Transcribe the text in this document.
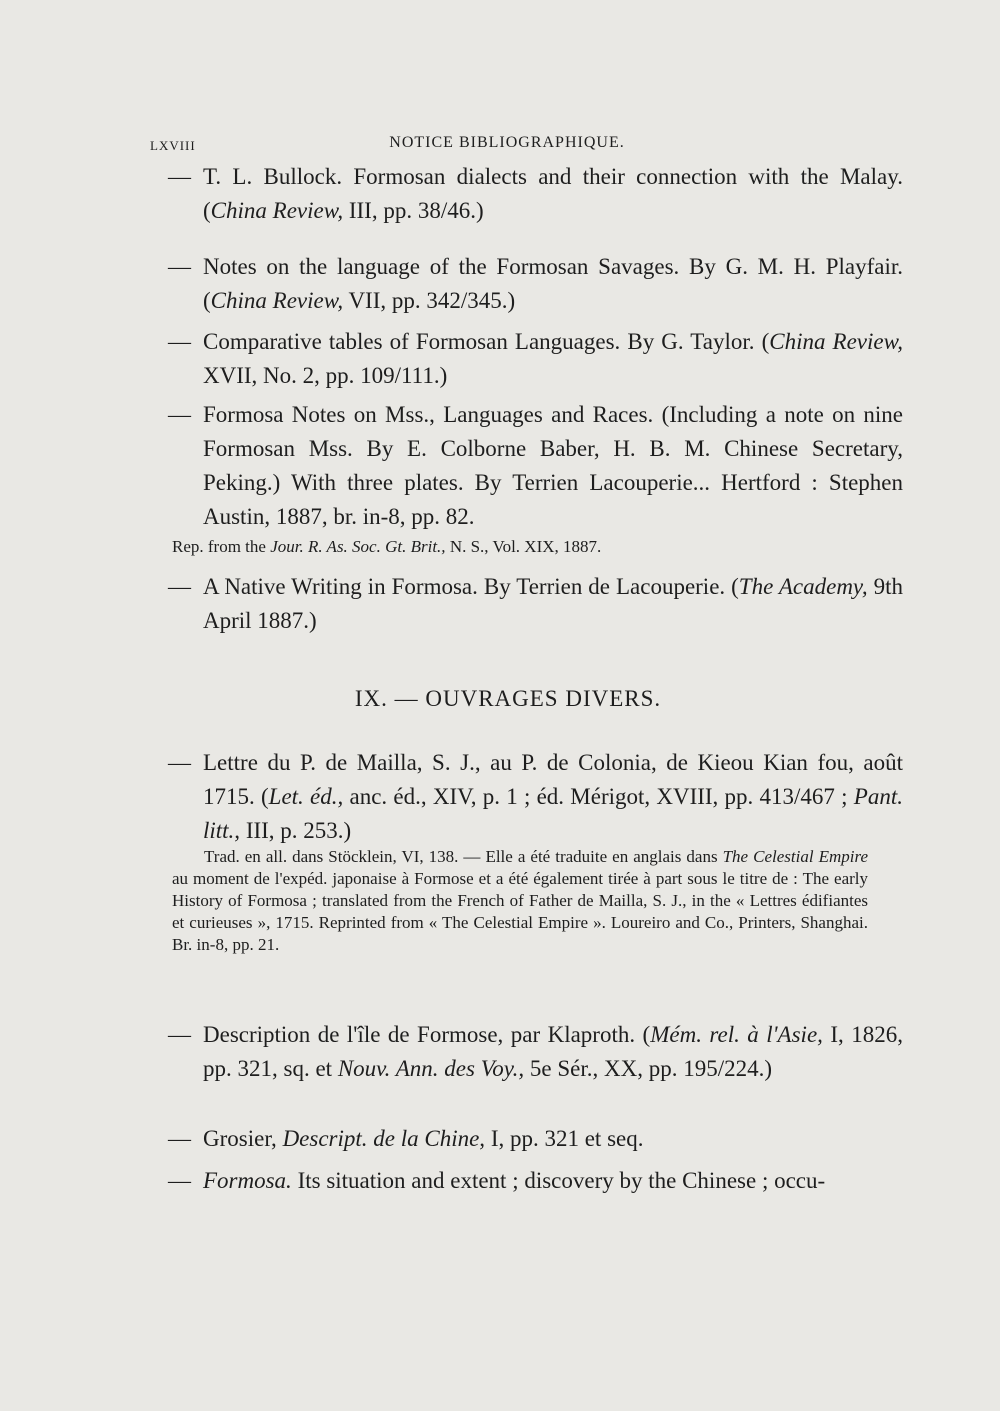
LXVIII	NOTICE BIBLIOGRAPHIQUE.

— T. L. Bullock. Formosan dialects and their connection with the Malay. (China Review, III, pp. 38/46.)

— Notes on the language of the Formosan Savages. By G. M. H. Playfair. (China Review, VII, pp. 342/345.)

— Comparative tables of Formosan Languages. By G. Taylor. (China Review, XVII, No. 2, pp. 109/111.)

— Formosa Notes on Mss., Languages and Races. (Including a note on nine Formosan Mss. By E. Colborne Baber, H. B. M. Chinese Secretary, Peking.) With three plates. By Terrien Lacouperie... Hertford : Stephen Austin, 1887, br. in-8, pp. 82.

Rep. from the Jour. R. As. Soc. Gt. Brit., N. S., Vol. XIX, 1887.

— A Native Writing in Formosa. By Terrien de Lacouperie. (The Academy, 9th April 1887.)

IX. — OUVRAGES DIVERS.

— Lettre du P. de Mailla, S. J., au P. de Colonia, de Kieou Kian fou, août 1715. (Let. éd., anc. éd., XIV, p. 1 ; éd. Mérigot, XVIII, pp. 413/467 ; Pant. litt., III, p. 253.)

Trad. en all. dans Stöcklein, VI, 138. — Elle a été traduite en anglais dans The Celestial Empire au moment de l'expéd. japonaise à Formose et a été également tirée à part sous le titre de : The early History of Formosa ; translated from the French of Father de Mailla, S. J., in the « Lettres édifiantes et curieuses », 1715. Reprinted from « The Celestial Empire ». Loureiro and Co., Printers, Shanghai. Br. in-8, pp. 21.

— Description de l'île de Formose, par Klaproth. (Mém. rel. à l'Asie, I, 1826, pp. 321, sq. et Nouv. Ann. des Voy., 5e Sér., XX, pp. 195/224.)

— Grosier, Descript. de la Chine, I, pp. 321 et seq.

— Formosa. Its situation and extent ; discovery by the Chinese ; occu-
